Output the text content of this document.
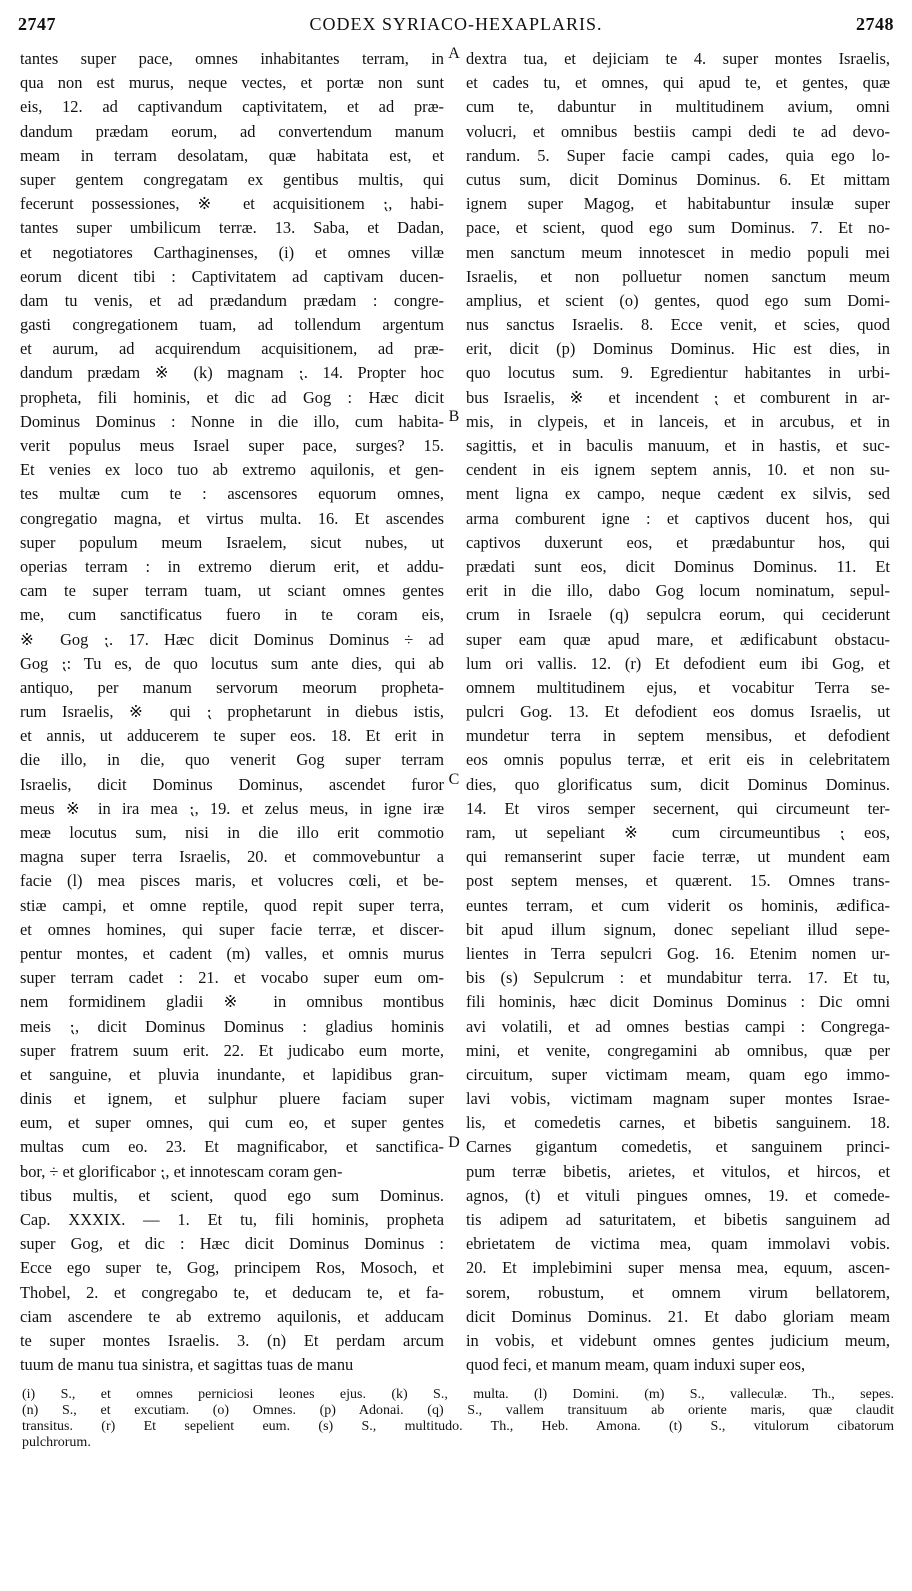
2747	CODEX SYRIACO-HEXAPLARIS.	2748
tantes super pace, omnes inhabitantes terram, in
qua non est murus, neque vectes, et portæ non sunt
eis, 12. ad captivandum captivitatem, et ad præ-
dandum prædam eorum, ad convertendum manum
meam in terram desolatam, quæ habitata est, et
super gentem congregatam ex gentibus multis, qui
fecerunt possessiones, ※ et acquisitionem ⁏, habi-
tantes super umbilicum terræ. 13. Saba, et Dadan,
et negotiatores Carthaginenses, (i) et omnes villæ
eorum dicent tibi : Captivitatem ad captivam ducen-
dam tu venis, et ad prædandum prædam : congre-
gasti congregationem tuam, ad tollendum argentum
et aurum, ad acquirendum acquisitionem, ad præ-
dandum prædam ※ (k) magnam ⁏. 14. Propter hoc
propheta, fili hominis, et dic ad Gog : Hæc dicit
Dominus Dominus : Nonne in die illo, cum habita-
verit populus meus Israel super pace, surges? 15.
Et venies ex loco tuo ab extremo aquilonis, et gen-
tes multæ cum te : ascensores equorum omnes,
congregatio magna, et virtus multa. 16. Et ascendes
super populum meum Israelem, sicut nubes, ut
operias terram : in extremo dierum erit, et addu-
cam te super terram tuam, ut sciant omnes gentes
me, cum sanctificatus fuero in te coram eis,
※ Gog ⁏. 17. Hæc dicit Dominus Dominus ÷ ad
Gog ⁏: Tu es, de quo locutus sum ante dies, qui ab
antiquo, per manum servorum meorum propheta-
rum Israelis, ※ qui ⁏ prophetarunt in diebus istis,
et annis, ut adducerem te super eos. 18. Et erit in
die illo, in die, quo venerit Gog super terram
Israelis, dicit Dominus Dominus, ascendet furor
meus ※ in ira mea ⁏, 19. et zelus meus, in igne iræ
meæ locutus sum, nisi in die illo erit commotio
magna super terra Israelis, 20. et commovebuntur a
facie (l) mea pisces maris, et volucres cœli, et be-
stiæ campi, et omne reptile, quod repit super terra,
et omnes homines, qui super facie terræ, et discer-
pentur montes, et cadent (m) valles, et omnis murus
super terram cadet : 21. et vocabo super eum om-
nem formidinem gladii ※ in omnibus montibus
meis ⁏, dicit Dominus Dominus : gladius hominis
super fratrem suum erit. 22. Et judicabo eum morte,
et sanguine, et pluvia inundante, et lapidibus gran-
dinis et ignem, et sulphur pluere faciam super
eum, et super omnes, qui cum eo, et super gentes
multas cum eo. 23. Et magnificabor, et sanctifica-
bor, ÷ et glorificabor ⁏, et innotescam coram gen-
tibus multis, et scient, quod ego sum Dominus.
Cap. XXXIX. — 1. Et tu, fili hominis, propheta
super Gog, et dic : Hæc dicit Dominus Dominus :
Ecce ego super te, Gog, principem Ros, Mosoch, et
Thobel, 2. et congregabo te, et deducam te, et fa-
ciam ascendere te ab extremo aquilonis, et adducam
te super montes Israelis. 3. (n) Et perdam arcum
tuum de manu tua sinistra, et sagittas tuas de manu
dextra tua, et dejiciam te 4. super montes Israelis,
et cades tu, et omnes, qui apud te, et gentes, quæ
cum te, dabuntur in multitudinem avium, omni
volucri, et omnibus bestiis campi dedi te ad devo-
randum. 5. Super facie campi cades, quia ego lo-
cutus sum, dicit Dominus Dominus. 6. Et mittam
ignem super Magog, et habitabuntur insulæ super
pace, et scient, quod ego sum Dominus. 7. Et no-
men sanctum meum innotescet in medio populi mei
Israelis, et non polluetur nomen sanctum meum
amplius, et scient (o) gentes, quod ego sum Domi-
nus sanctus Israelis. 8. Ecce venit, et scies, quod
erit, dicit (p) Dominus Dominus. Hic est dies, in
quo locutus sum. 9. Egredientur habitantes in urbi-
bus Israelis, ※ et incendent ⁏ et comburent in ar-
mis, in clypeis, et in lanceis, et in arcubus, et in
sagittis, et in baculis manuum, et in hastis, et suc-
cendent in eis ignem septem annis, 10. et non su-
ment ligna ex campo, neque cædent ex silvis, sed
arma comburent igne : et captivos ducent hos, qui
captivos duxerunt eos, et prædabuntur hos, qui
prædati sunt eos, dicit Dominus Dominus. 11. Et
erit in die illo, dabo Gog locum nominatum, sepul-
crum in Israele (q) sepulcra eorum, qui ceciderunt
super eam quæ apud mare, et ædificabunt obstacu-
lum ori vallis. 12. (r) Et defodient eum ibi Gog, et
omnem multitudinem ejus, et vocabitur Terra se-
pulcri Gog. 13. Et defodient eos domus Israelis, ut
mundetur terra in septem mensibus, et defodient
eos omnis populus terræ, et erit eis in celebritatem
dies, quo glorificatus sum, dicit Dominus Dominus.
14. Et viros semper secernent, qui circumeunt ter-
ram, ut sepeliant ※ cum circumeuntibus ⁏ eos,
qui remanserint super facie terræ, ut mundent eam
post septem menses, et quærent. 15. Omnes trans-
euntes terram, et cum viderit os hominis, ædifica-
bit apud illum signum, donec sepeliant illud sepe-
lientes in Terra sepulcri Gog. 16. Etenim nomen ur-
bis (s) Sepulcrum : et mundabitur terra. 17. Et tu,
fili hominis, hæc dicit Dominus Dominus : Dic omni
avi volatili, et ad omnes bestias campi : Congrega-
mini, et venite, congregamini ab omnibus, quæ per
circuitum, super victimam meam, quam ego immo-
lavi vobis, victimam magnam super montes Israe-
lis, et comedetis carnes, et bibetis sanguinem. 18.
Carnes gigantum comedetis, et sanguinem princi-
pum terræ bibetis, arietes, et vitulos, et hircos, et
agnos, (t) et vituli pingues omnes, 19. et comede-
tis adipem ad saturitatem, et bibetis sanguinem ad
ebrietatem de victima mea, quam immolavi vobis.
20. Et implebimini super mensa mea, equum, ascen-
sorem, robustum, et omnem virum bellatorem,
dicit Dominus Dominus. 21. Et dabo gloriam meam
in vobis, et videbunt omnes gentes judicium meum,
quod feci, et manum meam, quam induxi super eos,
A
B
C
D
(i) S., et omnes perniciosi leones ejus. (k) S., multa. (l) Domini. (m) S., valleculæ. Th., sepes.
(n) S., et excutiam. (o) Omnes. (p) Adonai. (q) S., vallem transituum ab oriente maris, quæ claudit
transitus. (r) Et sepelient eum. (s) S., multitudo. Th., Heb. Amona. (t) S., vitulorum cibatorum
pulchrorum.
